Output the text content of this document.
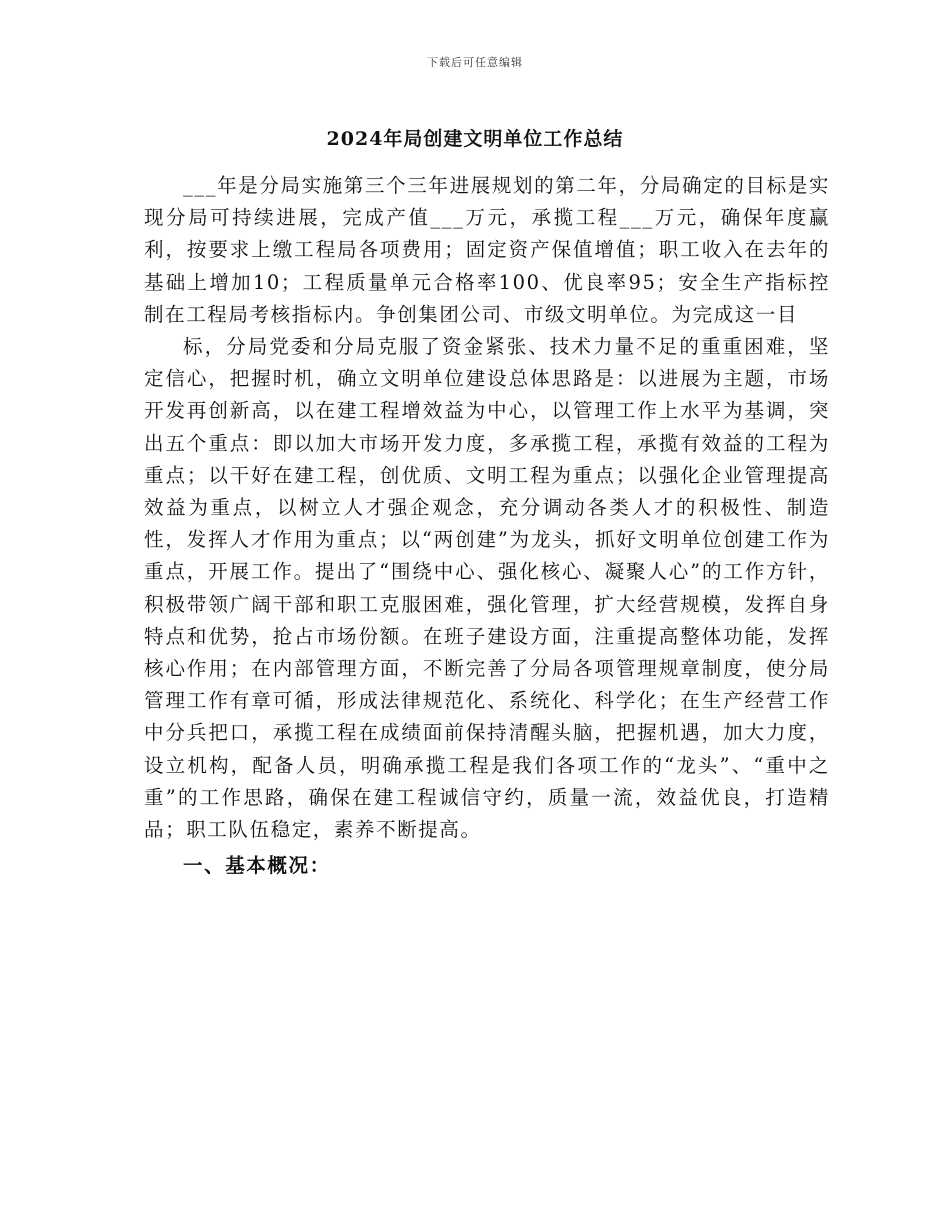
下载后可任意编辑
2024年局创建文明单位工作总结

___年是分局实施第三个三年进展规划的第二年，分局确定的目标是实现分局可持续进展，完成产值___万元，承揽工程___万元，确保年度赢利，按要求上缴工程局各项费用；固定资产保值增值；职工收入在去年的基础上增加10；工程质量单元合格率100、优良率95；安全生产指标控制在工程局考核指标内。争创集团公司、市级文明单位。为完成这一目

标，分局党委和分局克服了资金紧张、技术力量不足的重重困难，坚定信心，把握时机，确立文明单位建设总体思路是：以进展为主题，市场开发再创新高，以在建工程增效益为中心，以管理工作上水平为基调，突出五个重点：即以加大市场开发力度，多承揽工程，承揽有效益的工程为重点；以干好在建工程，创优质、文明工程为重点；以强化企业管理提高效益为重点，以树立人才强企观念，充分调动各类人才的积极性、制造性，发挥人才作用为重点；以“两创建”为龙头，抓好文明单位创建工作为重点，开展工作。提出了“围绕中心、强化核心、凝聚人心”的工作方针，积极带领广阔干部和职工克服困难，强化管理，扩大经营规模，发挥自身特点和优势，抢占市场份额。在班子建设方面，注重提高整体功能，发挥核心作用；在内部管理方面，不断完善了分局各项管理规章制度，使分局管理工作有章可循，形成法律规范化、系统化、科学化；在生产经营工作中分兵把口，承揽工程在成绩面前保持清醒头脑，把握机遇，加大力度，设立机构，配备人员，明确承揽工程是我们各项工作的“龙头”、“重中之重”的工作思路，确保在建工程诚信守约，质量一流，效益优良，打造精品；职工队伍稳定，素养不断提高。

一、基本概况：
